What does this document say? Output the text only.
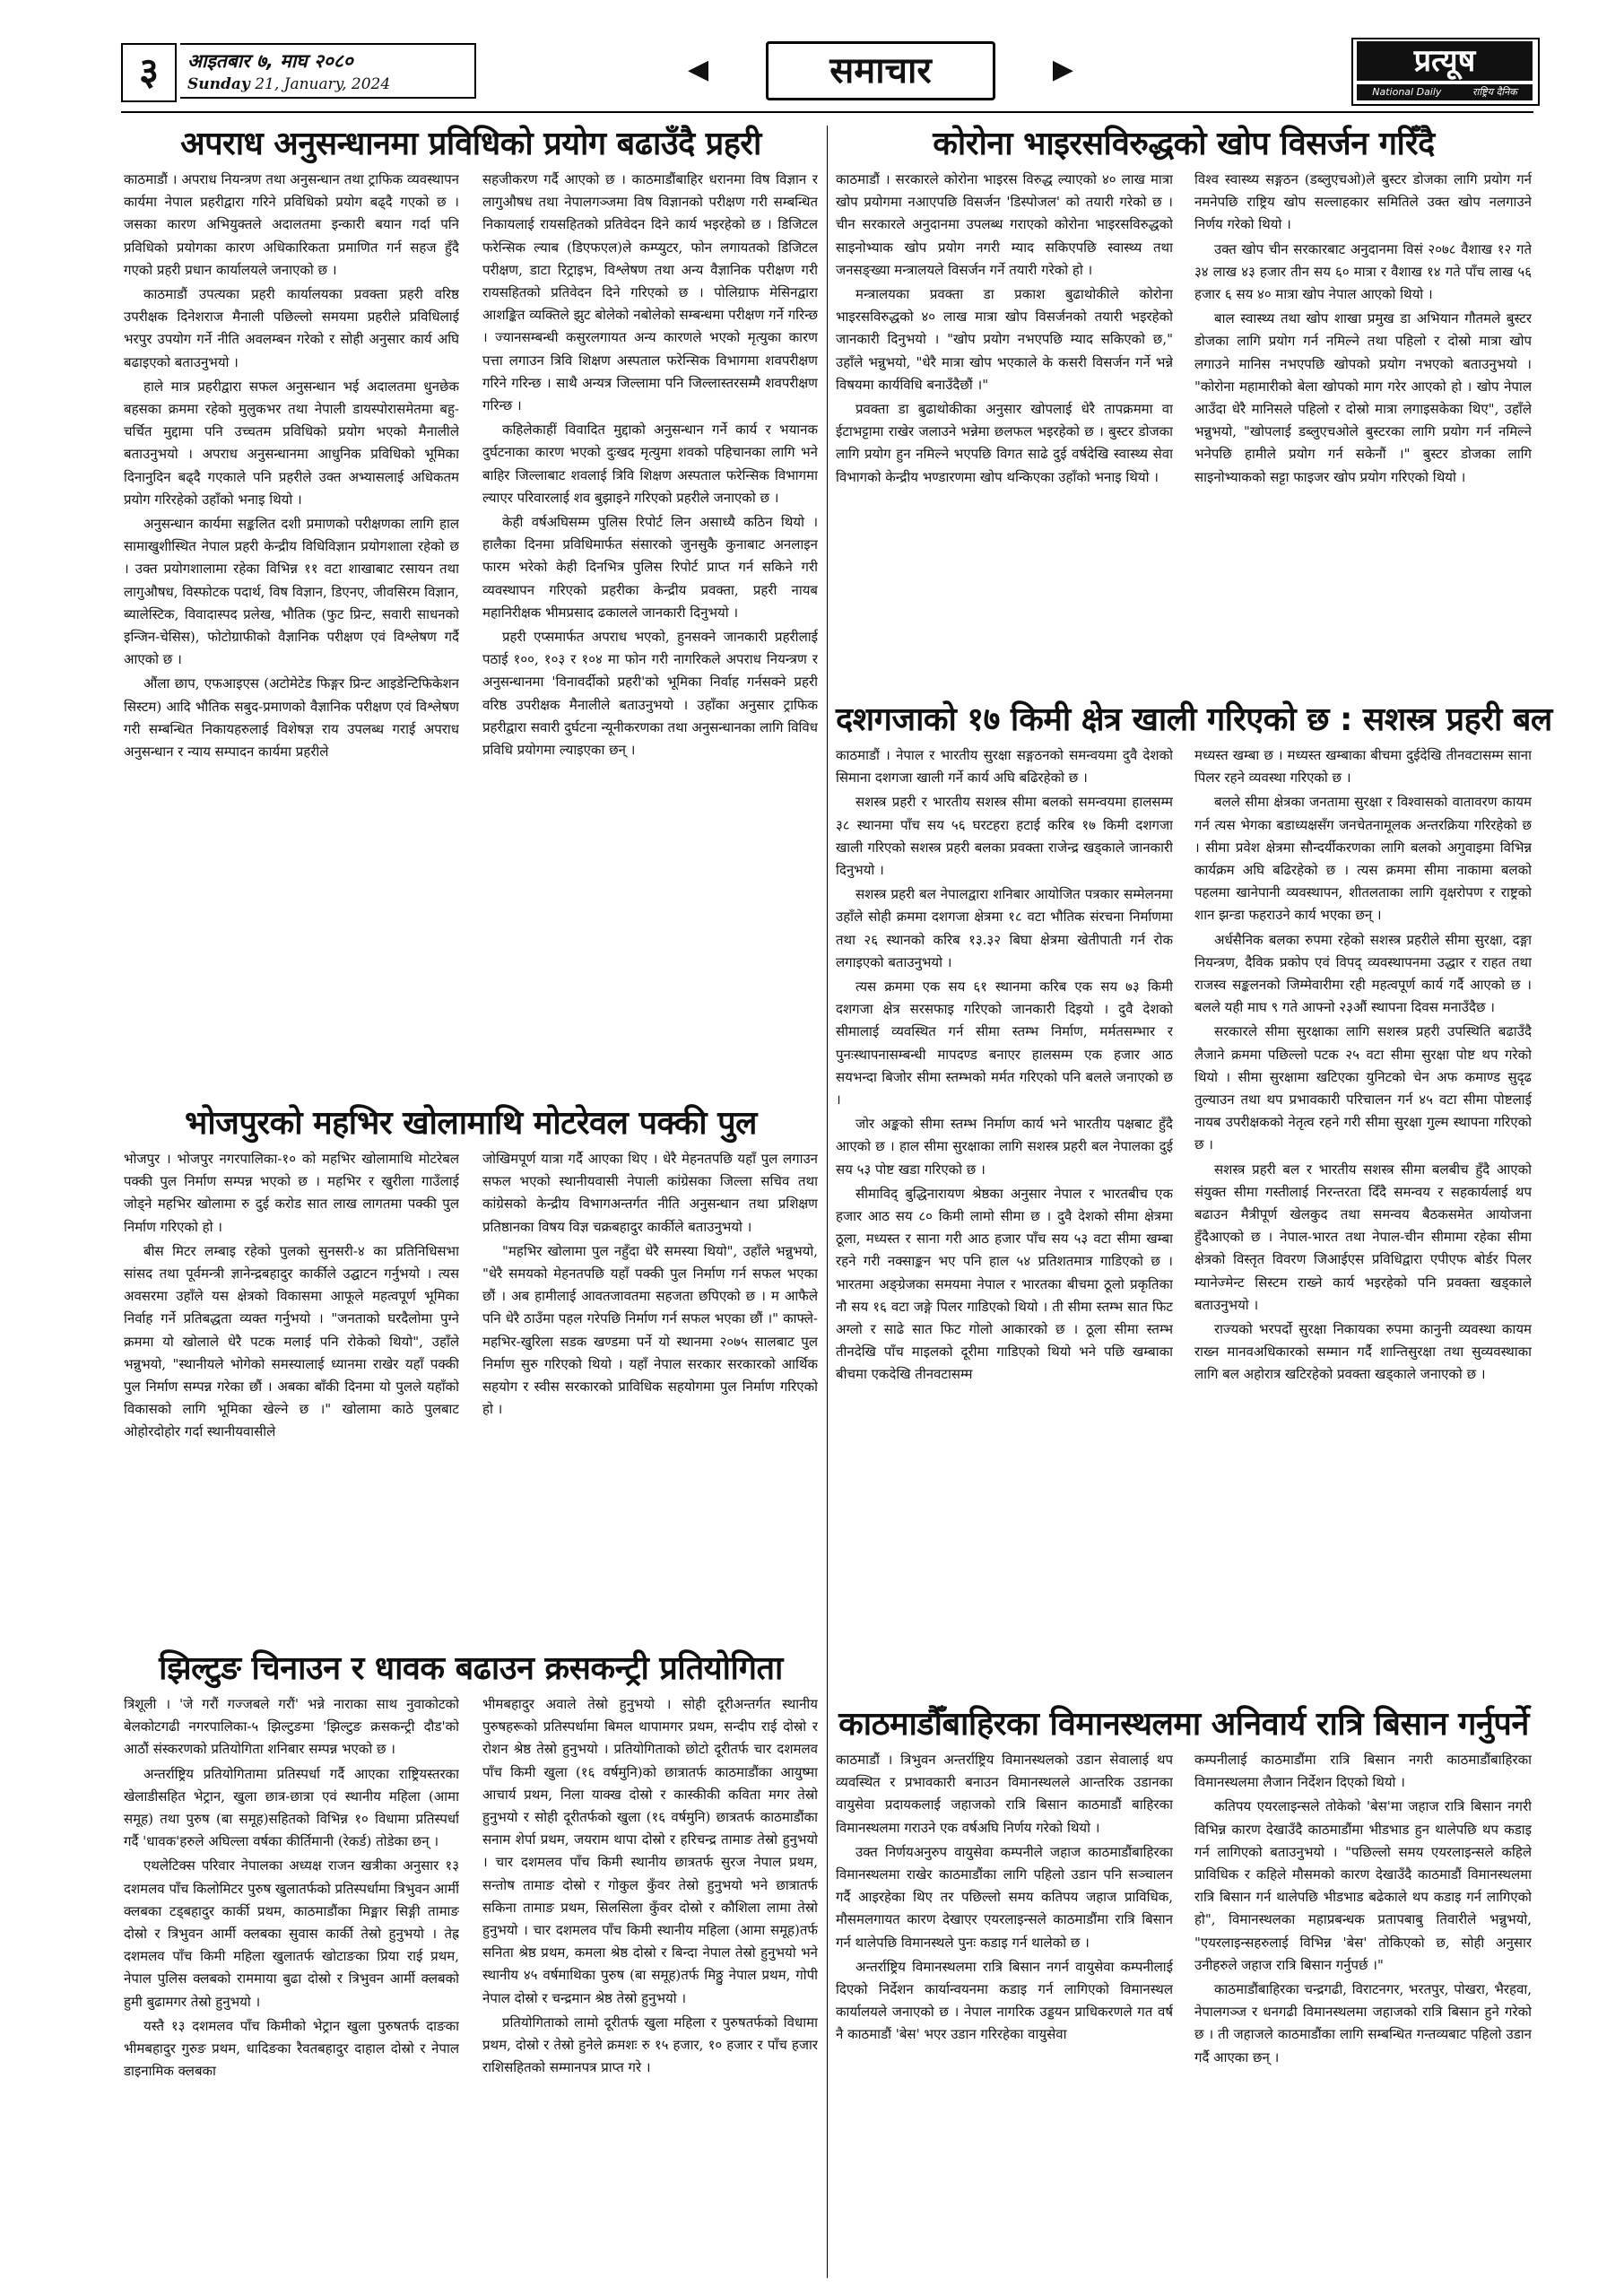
३	आइतबार ७, माघ २०८०
Sunday 21, January, 2024	◀	समाचार	▶	प्रत्यूष
National Daily	राष्ट्रिय दैनिक
अपराध अनुसन्धानमा प्रविधिको प्रयोग बढाउँदै प्रहरी

काठमाडौं । अपराध नियन्त्रण तथा अनुसन्धान तथा ट्राफिक व्यवस्थापन कार्यमा नेपाल प्रहरीद्वारा गरिने प्रविधिको प्रयोग बढ्दै गएको छ । जसका कारण अभियुक्तले अदालतमा इन्कारी बयान गर्दा पनि प्रविधिको प्रयोगका कारण अधिकारिकता प्रमाणित गर्न सहज हुँदै गएको प्रहरी प्रधान कार्यालयले जनाएको छ ।

काठमाडौं उपत्यका प्रहरी कार्यालयका प्रवक्ता प्रहरी वरिष्ठ उपरीक्षक दिनेशराज मैनाली पछिल्लो समयमा प्रहरीले प्रविधिलाई भरपुर उपयोग गर्ने नीति अवलम्बन गरेको र सोही अनुसार कार्य अघि बढाइएको बताउनुभयो ।

हाले मात्र प्रहरीद्वारा सफल अनुसन्धान भई अदालतमा धुनछेक बहसका क्रममा रहेको मुलुकभर तथा नेपाली डायस्पोरासमेतमा बहु-चर्चित मुद्दामा पनि उच्चतम प्रविधिको प्रयोग भएको मैनालीले बताउनुभयो । अपराध अनुसन्धानमा आधुनिक प्रविधिको भूमिका दिनानुदिन बढ्दै गएकाले पनि प्रहरीले उक्त अभ्यासलाई अधिकतम प्रयोग गरिरहेको उहाँको भनाइ थियो ।

अनुसन्धान कार्यमा सङ्कलित दशी प्रमाणको परीक्षणका लागि हाल सामाखुशीस्थित नेपाल प्रहरी केन्द्रीय विधिविज्ञान प्रयोगशाला रहेको छ । उक्त प्रयोगशालामा रहेका विभिन्न ११ वटा शाखाबाट रसायन तथा लागुऔषध, विस्फोटक पदार्थ, विष विज्ञान, डिएनए, जीवसिरम विज्ञान, ब्यालेस्टिक, विवादास्पद प्रलेख, भौतिक (फुट प्रिन्ट, सवारी साधनको इन्जिन-चेसिस), फोटोग्राफीको वैज्ञानिक परीक्षण एवं विश्लेषण गर्दै आएको छ ।

औंला छाप, एफआइएस (अटोमेटेड फिङ्गर प्रिन्ट आइडेन्टिफिकेशन सिस्टम) आदि भौतिक सबुद-प्रमाणको वैज्ञानिक परीक्षण एवं विश्लेषण गरी सम्बन्धित निकायहरुलाई विशेषज्ञ राय उपलब्ध गराई अपराध अनुसन्धान र न्याय सम्पादन कार्यमा प्रहरीले

सहजीकरण गर्दै आएको छ । काठमाडौंबाहिर धरानमा विष विज्ञान र लागुऔषध तथा नेपालगञ्जमा विष विज्ञानको परीक्षण गरी सम्बन्धित निकायलाई रायसहितको प्रतिवेदन दिने कार्य भइरहेको छ । डिजिटल फरेन्सिक ल्याब (डिएफएल)ले कम्प्युटर, फोन लगायतको डिजिटल परीक्षण, डाटा रिट्राइभ, विश्लेषण तथा अन्य वैज्ञानिक परीक्षण गरी रायसहितको प्रतिवेदन दिने गरिएको छ । पोलिग्राफ मेसिनद्वारा आशङ्कित व्यक्तिले झुट बोलेको नबोलेको सम्बन्धमा परीक्षण गर्ने गरिन्छ । ज्यानसम्बन्धी कसुरलगायत अन्य कारणले भएको मृत्युका कारण पत्ता लगाउन त्रिवि शिक्षण अस्पताल फरेन्सिक विभागमा शवपरीक्षण गरिने गरिन्छ । साथै अन्यत्र जिल्लामा पनि जिल्लास्तरसम्मै शवपरीक्षण गरिन्छ ।

कहिलेकाहीं विवादित मुद्दाको अनुसन्धान गर्ने कार्य र भयानक दुर्घटनाका कारण भएको दुःखद मृत्युमा शवको पहिचानका लागि भने बाहिर जिल्लाबाट शवलाई त्रिवि शिक्षण अस्पताल फरेन्सिक विभागमा ल्याएर परिवारलाई शव बुझाइने गरिएको प्रहरीले जनाएको छ ।

केही वर्षअघिसम्म पुलिस रिपोर्ट लिन असाध्यै कठिन थियो । हालैका दिनमा प्रविधिमार्फत संसारको जुनसुकै कुनाबाट अनलाइन फारम भरेको केही दिनभित्र पुलिस रिपोर्ट प्राप्त गर्न सकिने गरी व्यवस्थापन गरिएको प्रहरीका केन्द्रीय प्रवक्ता, प्रहरी नायब महानिरीक्षक भीमप्रसाद ढकालले जानकारी दिनुभयो ।

प्रहरी एप्समार्फत अपराध भएको, हुनसक्ने जानकारी प्रहरीलाई पठाई १००, १०३ र १०४ मा फोन गरी नागरिकले अपराध नियन्त्रण र अनुसन्धानमा 'विनावर्दीको प्रहरी'को भूमिका निर्वाह गर्नसक्ने प्रहरी वरिष्ठ उपरीक्षक मैनालीले बताउनुभयो । उहाँका अनुसार ट्राफिक प्रहरीद्वारा सवारी दुर्घटना न्यूनीकरणका तथा अनुसन्धानका लागि विविध प्रविधि प्रयोगमा ल्याइएका छन् ।

भोजपुरको महभिर खोलामाथि मोटरेवल पक्की पुल

भोजपुर । भोजपुर नगरपालिका-१० को महभिर खोलामाथि मोटरेबल पक्की पुल निर्माण सम्पन्न भएको छ । महभिर र खुरीला गाउँलाई जोड्ने महभिर खोलामा रु दुई करोड सात लाख लागतमा पक्की पुल निर्माण गरिएको हो ।

बीस मिटर लम्बाइ रहेको पुलको सुनसरी-४ का प्रतिनिधिसभा सांसद तथा पूर्वमन्त्री ज्ञानेन्द्रबहादुर कार्कीले उद्घाटन गर्नुभयो । त्यस अवसरमा उहाँले यस क्षेत्रको विकासमा आफूले महत्वपूर्ण भूमिका निर्वाह गर्ने प्रतिबद्धता व्यक्त गर्नुभयो । "जनताको घरदैलोमा पुग्ने क्रममा यो खोलाले धेरै पटक मलाई पनि रोकेको थियो", उहाँले भन्नुभयो, "स्थानीयले भोगेको समस्यालाई ध्यानमा राखेर यहाँ पक्की पुल निर्माण सम्पन्न गरेका छौं । अबका बाँकी दिनमा यो पुलले यहाँको विकासको लागि भूमिका खेल्ने छ ।" खोलामा काठे पुलबाट ओहोरदोहोर गर्दा स्थानीयवासीले

जोखिमपूर्ण यात्रा गर्दै आएका थिए । धेरै मेहनतपछि यहाँ पुल लगाउन सफल भएको स्थानीयवासी नेपाली कांग्रेसका जिल्ला सचिव तथा कांग्रेसको केन्द्रीय विभागअन्तर्गत नीति अनुसन्धान तथा प्रशिक्षण प्रतिष्ठानका विषय विज्ञ चक्रबहादुर कार्कीले बताउनुभयो ।

"महभिर खोलामा पुल नहुँदा धेरै समस्या थियो", उहाँले भन्नुभयो, "धेरै समयको मेहनतपछि यहाँ पक्की पुल निर्माण गर्न सफल भएका छौं । अब हामीलाई आवतजावतमा सहजता छपिएको छ । म आफैले पनि धेरै ठाउँमा पहल गरेपछि निर्माण गर्न सफल भएका छौं ।" काफ्ले-महभिर-खुरिला सडक खण्डमा पर्ने यो स्थानमा २०७५ सालबाट पुल निर्माण सुरु गरिएको थियो । यहाँ नेपाल सरकार सरकारको आर्थिक सहयोग र स्वीस सरकारको प्राविधिक सहयोगमा पुल निर्माण गरिएको हो ।

झिल्टुङ चिनाउन र धावक बढाउन क्रसकन्ट्री प्रतियोगिता

त्रिशूली । 'जे गरौं गज्जबले गरौं' भन्ने नाराका साथ नुवाकोटको बेलकोटगढी नगरपालिका-५ झिल्टुङमा 'झिल्टुङ क्रसकन्ट्री दौड'को आठौं संस्करणको प्रतियोगिता शनिबार सम्पन्न भएको छ ।

अन्तर्राष्ट्रिय प्रतियोगितामा प्रतिस्पर्धा गर्दै आएका राष्ट्रियस्तरका खेलाडीसहित भेट्रान, खुला छात्र-छात्रा एवं स्थानीय महिला (आमा समूह) तथा पुरुष (बा समूह)सहितको विभिन्न १० विधामा प्रतिस्पर्धा गर्दै 'धावक'हरुले अघिल्ला वर्षका कीर्तिमानी (रेकर्ड) तोडेका छन् ।

एथलेटिक्स परिवार नेपालका अध्यक्ष राजन खत्रीका अनुसार १३ दशमलव पाँच किलोमिटर पुरुष खुलातर्फको प्रतिस्पर्धामा त्रिभुवन आर्मी क्लबका टड्बहादुर कार्की प्रथम, काठमाडौंका मिङ्मार सिङ्गी तामाङ दोस्रो र त्रिभुवन आर्मी क्लबका सुवास कार्की तेस्रो हुनुभयो । तेह्र दशमलव पाँच किमी महिला खुलातर्फ खोटाङका प्रिया राई प्रथम, नेपाल पुलिस क्लबको राममाया बुढा दोस्रो र त्रिभुवन आर्मी क्लबको हुमी बुढामगर तेस्रो हुनुभयो ।

यस्तै १३ दशमलव पाँच किमीको भेट्रान खुला पुरुषतर्फ दाङका भीमबहादुर गुरुङ प्रथम, धादिङका रैवतबहादुर दाहाल दोस्रो र नेपाल डाइनामिक क्लबका

भीमबहादुर अवाले तेस्रो हुनुभयो । सोही दूरीअन्तर्गत स्थानीय पुरुषहरूको प्रतिस्पर्धामा बिमल थापामगर प्रथम, सन्दीप राई दोस्रो र रोशन श्रेष्ठ तेस्रो हुनुभयो । प्रतियोगिताको छोटो दूरीतर्फ चार दशमलव पाँच किमी खुला (१६ वर्षमुनि)को छात्रातर्फ काठमाडौंका आयुष्मा आचार्य प्रथम, निला याक्ख दोस्रो र कास्कीकी कविता मगर तेस्रो हुनुभयो र सोही दूरीतर्फको खुला (१६ वर्षमुनि) छात्रतर्फ काठमाडौंका सनाम शेर्पा प्रथम, जयराम थापा दोस्रो र हरिचन्द्र तामाङ तेस्रो हुनुभयो । चार दशमलव पाँच किमी स्थानीय छात्रतर्फ सुरज नेपाल प्रथम, सन्तोष तामाङ दोस्रो र गोकुल कुँवर तेस्रो हुनुभयो भने छात्रातर्फ सकिना तामाङ प्रथम, सिलसिला कुँवर दोस्रो र कौशिला लामा तेस्रो हुनुभयो । चार दशमलव पाँच किमी स्थानीय महिला (आमा समूह)तर्फ सनिता श्रेष्ठ प्रथम, कमला श्रेष्ठ दोस्रो र बिन्दा नेपाल तेस्रो हुनुभयो भने स्थानीय ४५ वर्षमाथिका पुरुष (बा समूह)तर्फ मिठ्ठु नेपाल प्रथम, गोपी नेपाल दोस्रो र चन्द्रमान श्रेष्ठ तेस्रो हुनुभयो ।

प्रतियोगिताको लामो दूरीतर्फ खुला महिला र पुरुषतर्फको विधामा प्रथम, दोस्रो र तेस्रो हुनेले क्रमशः रु १५ हजार, १० हजार र पाँच हजार राशिसहितको सम्मानपत्र प्राप्त गरे ।

कोरोना भाइरसविरुद्धको खोप विसर्जन गरिँदै

काठमाडौं । सरकारले कोरोना भाइरस विरुद्ध ल्याएको ४० लाख मात्रा खोप प्रयोगमा नआएपछि विसर्जन 'डिस्पोजल' को तयारी गरेको छ । चीन सरकारले अनुदानमा उपलब्ध गराएको कोरोना भाइरसविरुद्धको साइनोभ्याक खोप प्रयोग नगरी म्याद सकिएपछि स्वास्थ्य तथा जनसङ्ख्या मन्त्रालयले विसर्जन गर्ने तयारी गरेको हो ।

मन्त्रालयका प्रवक्ता डा प्रकाश बुढाथोकीले कोरोना भाइरसविरुद्धको ४० लाख मात्रा खोप विसर्जनको तयारी भइरहेको जानकारी दिनुभयो । "खोप प्रयोग नभएपछि म्याद सकिएको छ," उहाँले भन्नुभयो, "धेरै मात्रा खोप भएकाले के कसरी विसर्जन गर्ने भन्ने विषयमा कार्यविधि बनाउँदैछौं ।"

प्रवक्ता डा बुढाथोकीका अनुसार खोपलाई धेरै तापक्रममा वा ईटाभट्टामा राखेर जलाउने भन्नेमा छलफल भइरहेको छ । बुस्टर डोजका लागि प्रयोग हुन नमिल्ने भएपछि विगत साढे दुई वर्षदेखि स्वास्थ्य सेवा विभागको केन्द्रीय भण्डारणमा खोप थन्किएका उहाँको भनाइ थियो ।

विश्व स्वास्थ्य सङ्गठन (डब्लुएचओ)ले बुस्टर डोजका लागि प्रयोग गर्न नमनेपछि राष्ट्रिय खोप सल्लाहकार समितिले उक्त खोप नलगाउने निर्णय गरेको थियो ।

उक्त खोप चीन सरकारबाट अनुदानमा विसं २०७८ वैशाख १२ गते ३४ लाख ४३ हजार तीन सय ६० मात्रा र वैशाख १४ गते पाँच लाख ५६ हजार ६ सय ४० मात्रा खोप नेपाल आएको थियो ।

बाल स्वास्थ्य तथा खोप शाखा प्रमुख डा अभियान गौतमले बुस्टर डोजका लागि प्रयोग गर्न नमिल्ने तथा पहिलो र दोस्रो मात्रा खोप लगाउने मानिस नभएपछि खोपको प्रयोग नभएको बताउनुभयो । "कोरोना महामारीको बेला खोपको माग गरेर आएको हो । खोप नेपाल आउँदा धेरै मानिसले पहिलो र दोस्रो मात्रा लगाइसकेका थिए", उहाँले भन्नुभयो, "खोपलाई डब्लुएचओले बुस्टरका लागि प्रयोग गर्न नमिल्ने भनेपछि हामीले प्रयोग गर्न सकेनौं ।" बुस्टर डोजका लागि साइनोभ्याकको सट्टा फाइजर खोप प्रयोग गरिएको थियो ।

दशगजाको १७ किमी क्षेत्र खाली गरिएको छ : सशस्त्र प्रहरी बल

काठमाडौं । नेपाल र भारतीय सुरक्षा सङ्गठनको समन्वयमा दुवै देशको सिमाना दशगजा खाली गर्ने कार्य अघि बढिरहेको छ ।

सशस्त्र प्रहरी र भारतीय सशस्त्र सीमा बलको समन्वयमा हालसम्म ३८ स्थानमा पाँच सय ५६ घरटहरा हटाई करिब १७ किमी दशगजा खाली गरिएको सशस्त्र प्रहरी बलका प्रवक्ता राजेन्द्र खड्काले जानकारी दिनुभयो ।

सशस्त्र प्रहरी बल नेपालद्वारा शनिबार आयोजित पत्रकार सम्मेलनमा उहाँले सोही क्रममा दशगजा क्षेत्रमा १८ वटा भौतिक संरचना निर्माणमा तथा २६ स्थानको करिब १३.३२ बिघा क्षेत्रमा खेतीपाती गर्न रोक लगाइएको बताउनुभयो ।

त्यस क्रममा एक सय ६१ स्थानमा करिब एक सय ७३ किमी दशगजा क्षेत्र सरसफाइ गरिएको जानकारी दिइयो । दुवै देशको सीमालाई व्यवस्थित गर्न सीमा स्तम्भ निर्माण, मर्मतसम्भार र पुनःस्थापनासम्बन्धी मापदण्ड बनाएर हालसम्म एक हजार आठ सयभन्दा बिजोर सीमा स्तम्भको मर्मत गरिएको पनि बलले जनाएको छ ।

जोर अङ्कको सीमा स्तम्भ निर्माण कार्य भने भारतीय पक्षबाट हुँदै आएको छ । हाल सीमा सुरक्षाका लागि सशस्त्र प्रहरी बल नेपालका दुई सय ५३ पोष्ट खडा गरिएको छ ।

सीमाविद् बुद्धिनारायण श्रेष्ठका अनुसार नेपाल र भारतबीच एक हजार आठ सय ८० किमी लामो सीमा छ । दुवै देशको सीमा क्षेत्रमा ठूला, मध्यस्त र साना गरी आठ हजार पाँच सय ५३ वटा सीमा खम्बा रहने गरी नक्साङ्कन भए पनि हाल ५४ प्रतिशतमात्र गाडिएको छ । भारतमा अङ्ग्रेजका समयमा नेपाल र भारतका बीचमा ठूलो प्रकृतिका नौ सय १६ वटा जङ्गे पिलर गाडिएको थियो । ती सीमा स्तम्भ सात फिट अग्लो र साढे सात फिट गोलो आकारको छ । ठूला सीमा स्तम्भ तीनदेखि पाँच माइलको दूरीमा गाडिएको थियो भने पछि खम्बाका बीचमा एकदेखि तीनवटासम्म

मध्यस्त खम्बा छ । मध्यस्त खम्बाका बीचमा दुईदेखि तीनवटासम्म साना पिलर रहने व्यवस्था गरिएको छ ।

बलले सीमा क्षेत्रका जनतामा सुरक्षा र विश्वासको वातावरण कायम गर्न त्यस भेगका बडाध्यक्षसँग जनचेतनामूलक अन्तरक्रिया गरिरहेको छ । सीमा प्रवेश क्षेत्रमा सौन्दर्यीकरणका लागि बलको अगुवाइमा विभिन्न कार्यक्रम अघि बढिरहेको छ । त्यस क्रममा सीमा नाकामा बलको पहलमा खानेपानी व्यवस्थापन, शीतलताका लागि वृक्षरोपण र राष्ट्रको शान झन्डा फहराउने कार्य भएका छन् ।

अर्धसैनिक बलका रुपमा रहेको सशस्त्र प्रहरीले सीमा सुरक्षा, दङ्गा नियन्त्रण, दैविक प्रकोप एवं विपद् व्यवस्थापनमा उद्धार र राहत तथा राजस्व सङ्कलनको जिम्मेवारीमा रही महत्वपूर्ण कार्य गर्दै आएको छ । बलले यही माघ ९ गते आफ्नो २३औं स्थापना दिवस मनाउँदैछ ।

सरकारले सीमा सुरक्षाका लागि सशस्त्र प्रहरी उपस्थिति बढाउँदै लैजाने क्रममा पछिल्लो पटक २५ वटा सीमा सुरक्षा पोष्ट थप गरेको थियो । सीमा सुरक्षामा खटिएका युनिटको चेन अफ कमाण्ड सुदृढ तुल्याउन तथा थप प्रभावकारी परिचालन गर्न ४५ वटा सीमा पोष्टलाई नायब उपरीक्षकको नेतृत्व रहने गरी सीमा सुरक्षा गुल्म स्थापना गरिएको छ ।

सशस्त्र प्रहरी बल र भारतीय सशस्त्र सीमा बलबीच हुँदै आएको संयुक्त सीमा गस्तीलाई निरन्तरता दिँदै समन्वय र सहकार्यलाई थप बढाउन मैत्रीपूर्ण खेलकुद तथा समन्वय बैठकसमेत आयोजना हुँदैआएको छ । नेपाल-भारत तथा नेपाल-चीन सीमामा रहेका सीमा क्षेत्रको विस्तृत विवरण जिआईएस प्रविधिद्वारा एपीएफ बोर्डर पिलर म्यानेज्मेन्ट सिस्टम राख्ने कार्य भइरहेको पनि प्रवक्ता खड्काले बताउनुभयो ।

राज्यको भरपर्दो सुरक्षा निकायका रुपमा कानुनी व्यवस्था कायम राख्न मानवअधिकारको सम्मान गर्दै शान्तिसुरक्षा तथा सुव्यवस्थाका लागि बल अहोरात्र खटिरहेको प्रवक्ता खड्काले जनाएको छ ।

काठमाडौँबाहिरका विमानस्थलमा अनिवार्य रात्रि बिसान गर्नुपर्ने

काठमाडौं । त्रिभुवन अन्तर्राष्ट्रिय विमानस्थलको उडान सेवालाई थप व्यवस्थित र प्रभावकारी बनाउन विमानस्थलले आन्तरिक उडानका वायुसेवा प्रदायकलाई जहाजको रात्रि बिसान काठमाडौं बाहिरका विमानस्थलमा गराउने एक वर्षअघि निर्णय गरेको थियो ।

उक्त निर्णयअनुरुप वायुसेवा कम्पनीले जहाज काठमाडौंबाहिरका विमानस्थलमा राखेर काठमाडौंका लागि पहिलो उडान पनि सञ्चालन गर्दै आइरहेका थिए तर पछिल्लो समय कतिपय जहाज प्राविधिक, मौसमलगायत कारण देखाएर एयरलाइन्सले काठमाडौंमा रात्रि बिसान गर्न थालेपछि विमानस्थले पुनः कडाइ गर्न थालेको छ ।

अन्तर्राष्ट्रिय विमानस्थलमा रात्रि बिसान नगर्न वायुसेवा कम्पनीलाई दिएको निर्देशन कार्यान्वयनमा कडाइ गर्न लागिएको विमानस्थल कार्यालयले जनाएको छ । नेपाल नागरिक उड्डयन प्राधिकरणले गत वर्ष नै काठमाडौं 'बेस' भएर उडान गरिरहेका वायुसेवा

कम्पनीलाई काठमाडौंमा रात्रि बिसान नगरी काठमाडौंबाहिरका विमानस्थलमा लैजान निर्देशन दिएको थियो ।

कतिपय एयरलाइन्सले तोकेको 'बेस'मा जहाज रात्रि बिसान नगरी विभिन्न कारण देखाउँदै काठमाडौंमा भीडभाड हुन थालेपछि थप कडाइ गर्न लागिएको बताउनुभयो । "पछिल्लो समय एयरलाइन्सले कहिले प्राविधिक र कहिले मौसमको कारण देखाउँदै काठमाडौं विमानस्थलमा रात्रि बिसान गर्न थालेपछि भीडभाड बढेकाले थप कडाइ गर्न लागिएको हो", विमानस्थलका महाप्रबन्धक प्रतापबाबु तिवारीले भन्नुभयो, "एयरलाइन्सहरुलाई विभिन्न 'बेस' तोकिएको छ, सोही अनुसार उनीहरुले जहाज रात्रि बिसान गर्नुपर्छ ।"

काठमाडौंबाहिरका चन्द्रगढी, विराटनगर, भरतपुर, पोखरा, भैरहवा, नेपालगञ्ज र धनगढी विमानस्थलमा जहाजको रात्रि बिसान हुने गरेको छ । ती जहाजले काठमाडौंका लागि सम्बन्धित गन्तव्यबाट पहिलो उडान गर्दै आएका छन् ।
